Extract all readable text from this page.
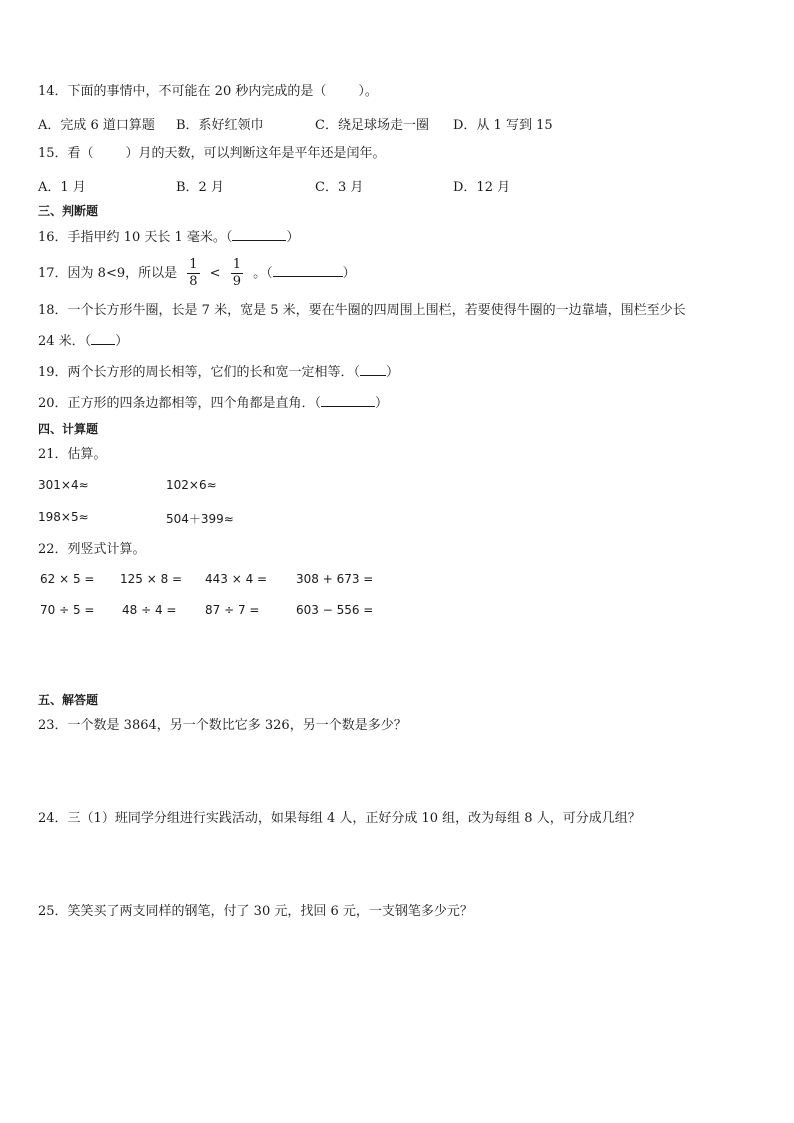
14．下面的事情中，不可能在 20 秒内完成的是（ ）。
A．完成 6 道口算题 B．系好红领巾	C．绕足球场走一圈 D．从 1 写到 15
15．看（ ）月的天数，可以判断这年是平年还是闰年。
A．1 月	B．2 月	C．3 月	D．12 月
三、判断题
16．手指甲约 10 天长 1 毫米。（	）
17．因为 8<9，所以是 $\frac{1}{8} < \frac{1}{9}$ 。（	）
18．一个长方形牛圈，长是 7 米，宽是 5 米，要在牛圈的四周围上围栏，若要使得牛圈的一边靠墙，围栏至少长
24 米．（ ）
19．两个长方形的周长相等，它们的长和宽一定相等．（ ）
20．正方形的四条边都相等，四个角都是直角．（	）
四、计算题
21．估算。
301×4≈	102×6≈
198×5≈	504＋399≈
22．列竖式计算。
62 × 5 = 125 × 8 = 443 × 4 = 308 + 673 =
70 ÷ 5 = 48 ÷ 4 = 87 ÷ 7 =	603 − 556 =
五、解答题
23．一个数是 3864，另一个数比它多 326，另一个数是多少？
24．三（1）班同学分组进行实践活动，如果每组 4 人，正好分成 10 组，改为每组 8 人，可分成几组？
25．笑笑买了两支同样的钢笔，付了 30 元，找回 6 元，一支钢笔多少元？
